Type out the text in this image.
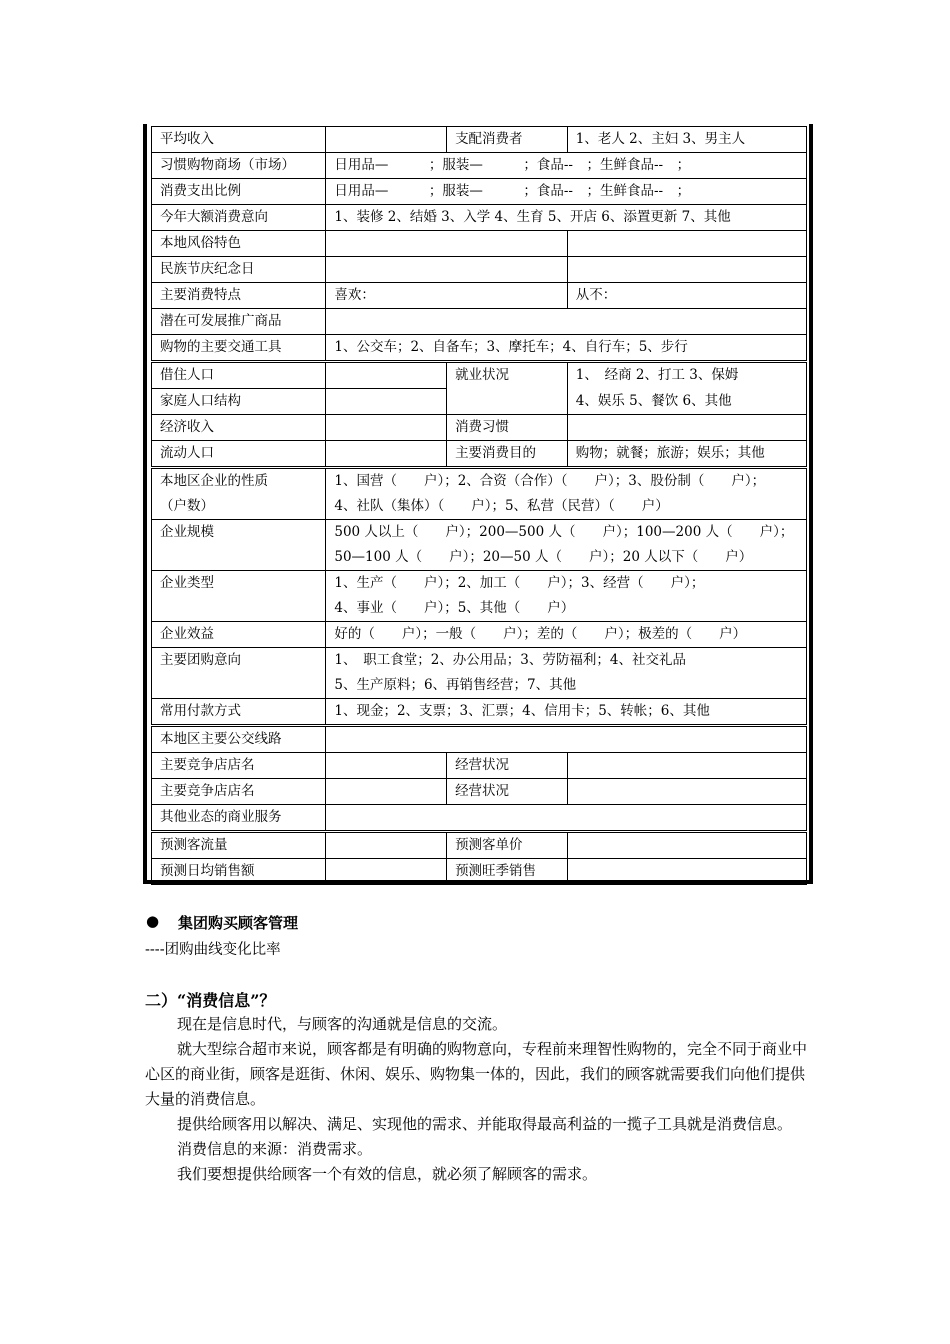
平均收入		支配消费者	1、老人 2、主妇 3、男主人
习惯购物商场（市场）	日用品—　　　；服装—　　　；食品--　；生鲜食品--　；		
消费支出比例	日用品—　　　；服装—　　　；食品--　；生鲜食品--　；		
今年大额消费意向	1、装修 2、结婚 3、入学 4、生育 5、开店 6、添置更新 7、其他		
本地风俗特色			
民族节庆纪念日			
主要消费特点	喜欢：		从不：
潜在可发展推广商品			
购物的主要交通工具	1、公交车；2、自备车；3、摩托车；4、自行车；5、步行		
借住人口		就业状况	1、　经商 2、打工 3、保姆
家庭人口结构			4、娱乐 5、餐饮 6、其他
经济收入		消费习惯	
流动人口		主要消费目的	购物；就餐；旅游；娱乐；其他
本地区企业的性质	1、国营（　　户）；2、合资（合作）（　　户）；3、股份制（　　户）；		
（户数）	4、社队（集体）（　　户）；5、私营（民营）（　　户）		
企业规模	500 人以上（　　户）；200—500 人（　　户）；100—200 人（　　户）；		
	50—100 人（　　户）；20—50 人（　　户）；20 人以下（　　户）		
企业类型	1、生产（　　户）；2、加工（　　户）；3、经营（　　户）；		
	4、事业（　　户）；5、其他（　　户）		
企业效益	好的（　　户）；一般（　　户）；差的（　　户）；极差的（　　户）		
主要团购意向	1、　职工食堂；2、办公用品；3、劳防福利；4、社交礼品		
	5、生产原料；6、再销售经营；7、其他		
常用付款方式	1、现金；2、支票；3、汇票；4、信用卡；5、转帐；6、其他		
本地区主要公交线路			
主要竞争店店名		经营状况	
主要竞争店店名		经营状况	
其他业态的商业服务			
预测客流量		预测客单价	
预测日均销售额		预测旺季销售	
● 集团购买顾客管理
----团购曲线变化比率
二）“消费信息”？

现在是信息时代，与顾客的沟通就是信息的交流。

就大型综合超市来说，顾客都是有明确的购物意向，专程前来理智性购物的，完全不同于商业中心区的商业街，顾客是逛街、休闲、娱乐、购物集一体的，因此，我们的顾客就需要我们向他们提供大量的消费信息。

提供给顾客用以解决、满足、实现他的需求、并能取得最高利益的一揽子工具就是消费信息。

消费信息的来源：消费需求。

我们要想提供给顾客一个有效的信息，就必须了解顾客的需求。
